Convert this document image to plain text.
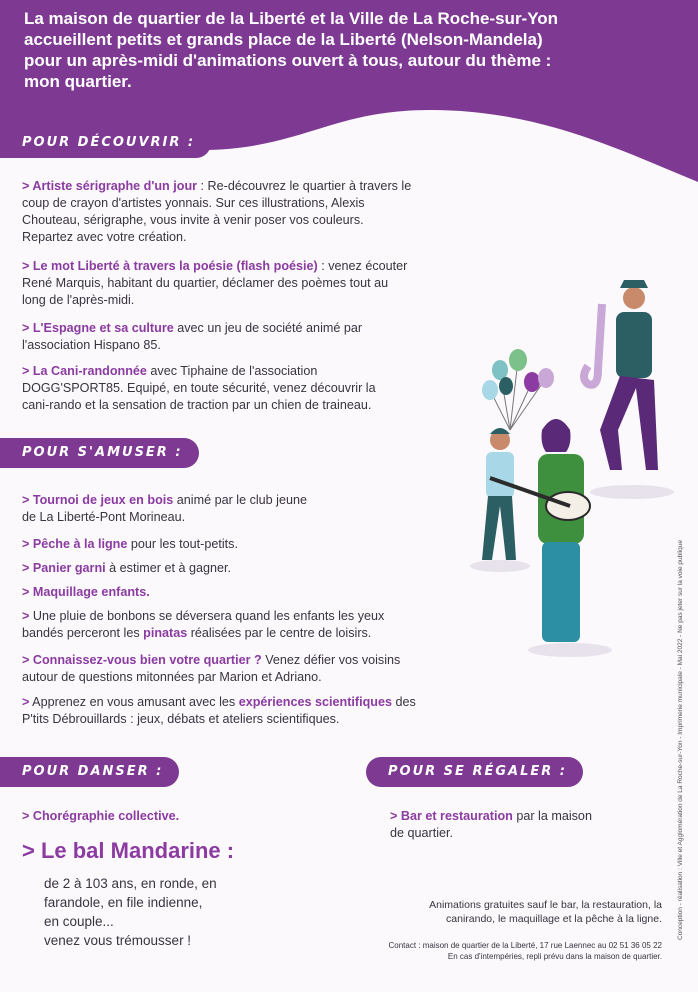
La maison de quartier de la Liberté et la Ville de La Roche-sur-Yon
accueillent petits et grands place de la Liberté (Nelson-Mandela)
pour un après-midi d'animations ouvert à tous, autour du thème :
mon quartier.
POUR DÉCOUVRIR :
> Artiste sérigraphe d'un jour : Re-découvrez le quartier à travers le
coup de crayon d'artistes yonnais. Sur ces illustrations, Alexis
Chouteau, sérigraphe, vous invite à venir poser vos couleurs.
Repartez avec votre création.
> Le mot Liberté à travers la poésie (flash poésie) : venez écouter
René Marquis, habitant du quartier, déclamer des poèmes tout au
long de l'après-midi.
> L'Espagne et sa culture avec un jeu de société animé par
l'association Hispano 85.
> La Cani-randonnée avec Tiphaine de l'association
DOGG'SPORT85. Equipé, en toute sécurité, venez découvrir la
cani-rando et la sensation de traction par un chien de traineau.
POUR S'AMUSER :
> Tournoi de jeux en bois animé par le club jeune
de La Liberté-Pont Morineau.
> Pêche à la ligne pour les tout-petits.
> Panier garni à estimer et à gagner.
> Maquillage enfants.
> Une pluie de bonbons se déversera quand les enfants les yeux
bandés perceront les pinatas réalisées par le centre de loisirs.
> Connaissez-vous bien votre quartier ? Venez défier vos voisins
autour de questions mitonnées par Marion et Adriano.
> Apprenez en vous amusant avec les expériences scientifiques des
P'tits Débrouillards : jeux, débats et ateliers scientifiques.
POUR DANSER :
> Chorégraphie collective.
> Le bal Mandarine :
de 2 à 103 ans, en ronde, en
farandole, en file indienne,
en couple...
venez vous trémousser !
POUR SE RÉGALER :
> Bar et restauration par la maison
de quartier.
Animations gratuites sauf le bar, la restauration, la
canirando, le maquillage et la pêche à la ligne.
Contact : maison de quartier de la Liberté, 17 rue Laennec au 02 51 36 05 22
En cas d'intempéries, repli prévu dans la maison de quartier.
Conception - réalisation : Ville et Agglomération de La Roche-sur-Yon - Imprimerie municipale - Mai 2022 - Ne pas jeter sur la voie publique
